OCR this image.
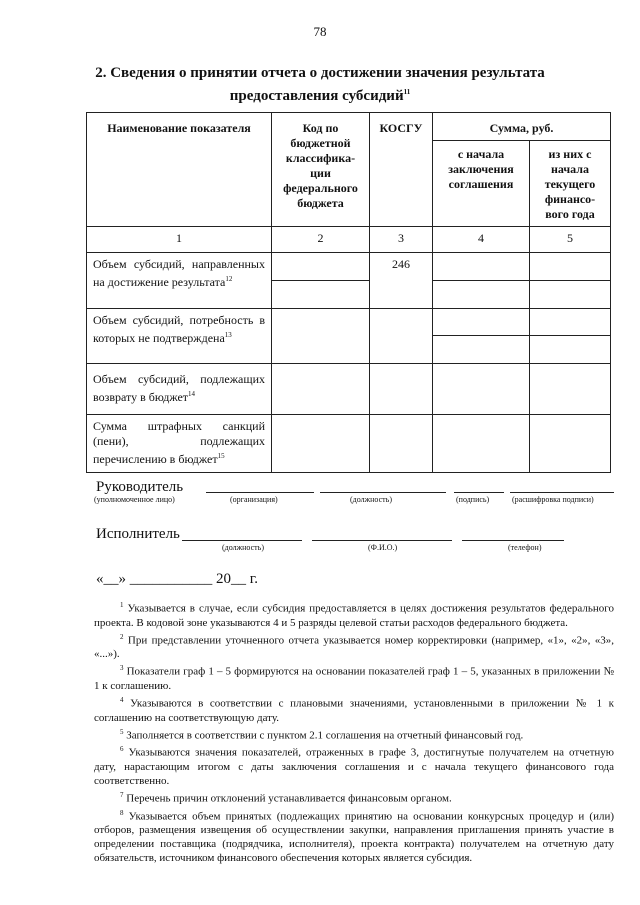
78
2. Сведения о принятии отчета о достижении значения результата
предоставления субсидий$^{11}$
Наименование показателя	Код по бюджетной классифика-ции федерального бюджета	КОСГУ	Сумма, руб.	
			с начала заключения соглашения	из них с начала текущего финансо-вого года
1	2	3	4	5
Объем субсидий, направленных на достижение результата$^{12}$		246		

Объем субсидий, потребность в которых не подтверждена$^{13}$				

Объем субсидий, подлежащих возврату в бюджет$^{14}$				
Сумма штрафных санкций (пени), подлежащих перечислению в бюджет$^{15}$				
Руководитель
(уполномоченное лицо)	(организация)	(должность)	(подпись)	(расшифровка подписи)
Исполнитель
(должность)	(Ф.И.О.)	(телефон)
«__» ___________ 20__ г.

$^1$ Указывается в случае, если субсидия предоставляется в целях достижения результатов федерального проекта. В кодовой зоне указываются 4 и 5 разряды целевой статьи расходов федерального бюджета.

$^2$ При представлении уточненного отчета указывается номер корректировки (например, «1», «2», «3», «...»).

$^3$ Показатели граф 1 – 5 формируются на основании показателей граф 1 – 5, указанных в приложении № 1 к соглашению.

$^4$ Указываются в соответствии с плановыми значениями, установленными в приложении № 1 к соглашению на соответствующую дату.

$^5$ Заполняется в соответствии с пунктом 2.1 соглашения на отчетный финансовый год.

$^6$ Указываются значения показателей, отраженных в графе 3, достигнутые получателем на отчетную дату, нарастающим итогом с даты заключения соглашения и с начала текущего финансового года соответственно.

$^7$ Перечень причин отклонений устанавливается финансовым органом.

$^8$ Указывается объем принятых (подлежащих принятию на основании конкурсных процедур и (или) отборов, размещения извещения об осуществлении закупки, направления приглашения принять участие в определении поставщика (подрядчика, исполнителя), проекта контракта) получателем на отчетную дату обязательств, источником финансового обеспечения которых является субсидия.
